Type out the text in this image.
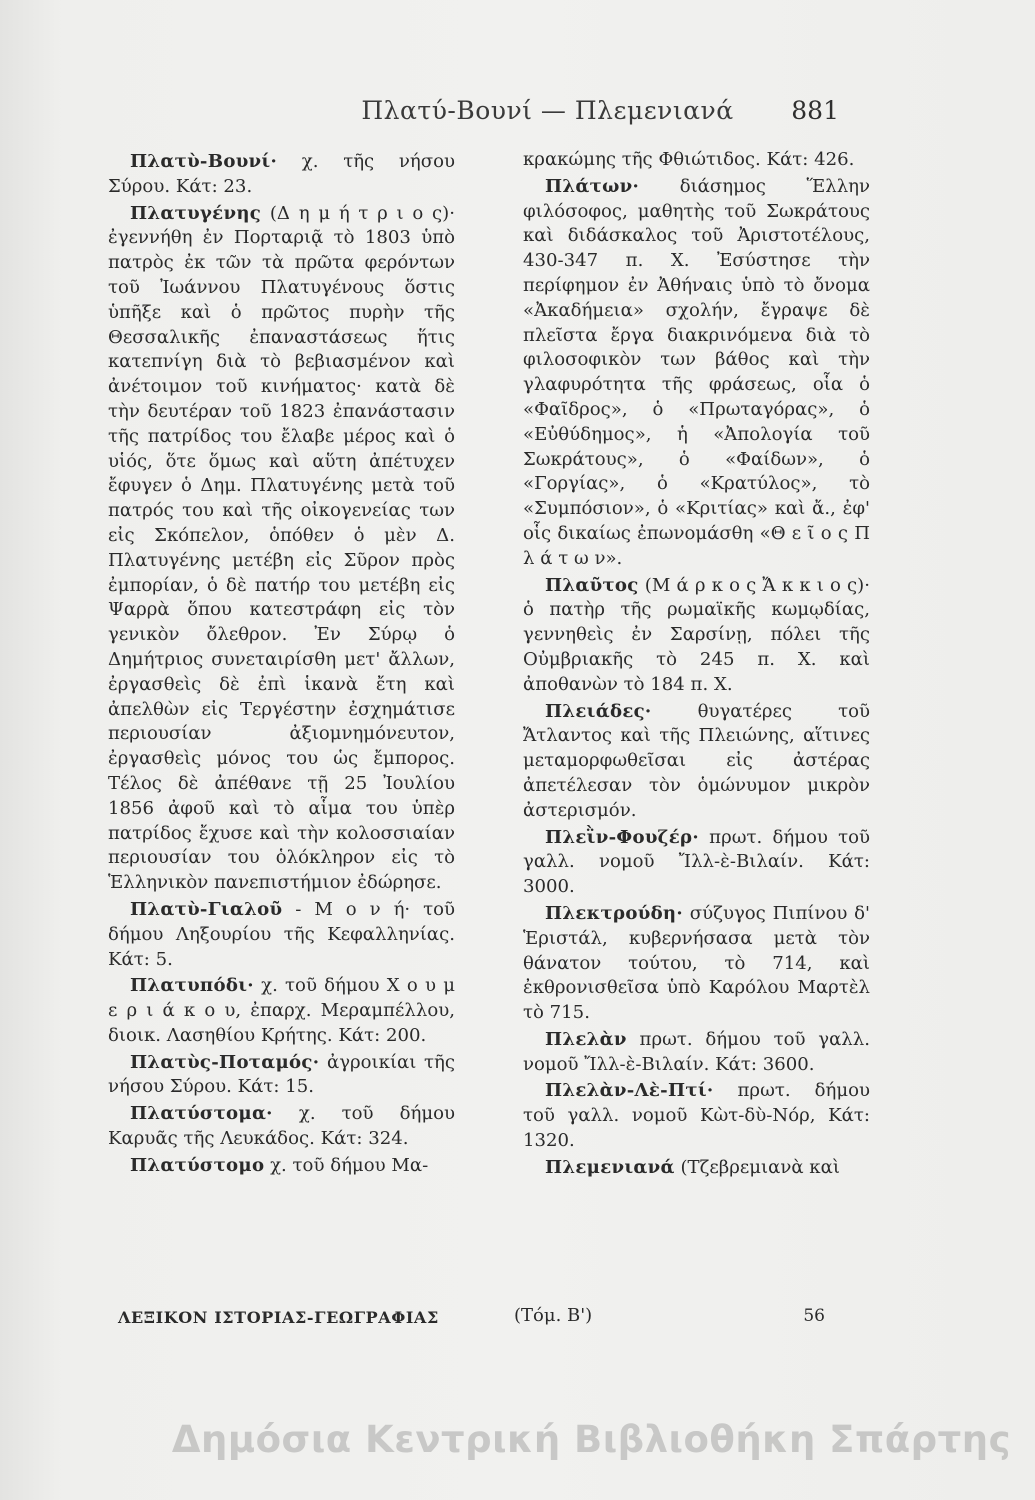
Πλατύ-Βουνί — Πλεμενιανά	881

Πλατὺ-Βουνί· χ. τῆς νήσου Σύρου. Κάτ: 23.

Πλατυγένης (Δ η μ ή τ ρ ι ο ς)· ἐγεννήθη ἐν Πορταριᾷ τὸ 1803 ὑπὸ πατρὸς ἐκ τῶν τὰ πρῶτα φερόντων τοῦ Ἰωάννου Πλατυγένους ὅστις ὑπῆξε καὶ ὁ πρῶτος πυρὴν τῆς Θεσσαλικῆς ἐπαναστάσεως ἥτις κατεπνίγη διὰ τὸ βεβιασμένον καὶ ἀνέτοιμον τοῦ κινήματος· κατὰ δὲ τὴν δευτέραν τοῦ 1823 ἐπανάστασιν τῆς πατρίδος του ἔλαβε μέρος καὶ ὁ υἱός, ὅτε ὅμως καὶ αὕτη ἀπέτυχεν ἔφυγεν ὁ Δημ. Πλατυγένης μετὰ τοῦ πατρός του καὶ τῆς οἰκογενείας των εἰς Σκόπελον, ὁπόθεν ὁ μὲν Δ. Πλατυγένης μετέβη εἰς Σῦρον πρὸς ἐμπορίαν, ὁ δὲ πατήρ του μετέβη εἰς Ψαρρὰ ὅπου κατεστράφη εἰς τὸν γενικὸν ὄλεθρον. Ἐν Σύρῳ ὁ Δημήτριος συνεταιρίσθη μετ' ἄλλων, ἐργασθεὶς δὲ ἐπὶ ἱκανὰ ἔτη καὶ ἀπελθὼν εἰς Τεργέστην ἐσχημάτισε περιουσίαν ἀξιομνημόνευτον, ἐργασθεὶς μόνος του ὡς ἔμπορος. Τέλος δὲ ἀπέθανε τῇ 25 Ἰουλίου 1856 ἀφοῦ καὶ τὸ αἷμα του ὑπὲρ πατρίδος ἔχυσε καὶ τὴν κολοσσιαίαν περιουσίαν του ὁλόκληρον εἰς τὸ Ἑλληνικὸν πανεπιστήμιον ἐδώρησε.

Πλατὺ-Γιαλοῦ - Μ ο ν ή· τοῦ δήμου Ληξουρίου τῆς Κεφαλληνίας. Κάτ: 5.

Πλατυπόδι· χ. τοῦ δήμου Χ ο υ μ ε ρ ι ά κ ο υ, ἐπαρχ. Μεραμπέλλου, διοικ. Λασηθίου Κρήτης. Κάτ: 200.

Πλατὺς-Ποταμός· ἀγροικίαι τῆς νήσου Σύρου. Κάτ: 15.

Πλατύστομα· χ. τοῦ δήμου Καρυᾶς τῆς Λευκάδος. Κάτ: 324.

Πλατύστομο χ. τοῦ δήμου Μα-

κρακώμης τῆς Φθιώτιδος. Κάτ: 426.

Πλάτων· διάσημος Ἕλλην φιλόσοφος, μαθητὴς τοῦ Σωκράτους καὶ διδάσκαλος τοῦ Ἀριστοτέλους, 430-347 π. Χ. Ἐσύστησε τὴν περίφημον ἐν Ἀθήναις ὑπὸ τὸ ὄνομα «Ἀκαδήμεια» σχολήν, ἔγραψε δὲ πλεῖστα ἔργα διακρινόμενα διὰ τὸ φιλοσοφικὸν των βάθος καὶ τὴν γλαφυρότητα τῆς φράσεως, οἷα ὁ «Φαῖδρος», ὁ «Πρωταγόρας», ὁ «Εὐθύδημος», ἡ «Ἀπολογία τοῦ Σωκράτους», ὁ «Φαίδων», ὁ «Γοργίας», ὁ «Κρατύλος», τὸ «Συμπόσιον», ὁ «Κριτίας» καὶ ἄ., ἐφ' οἷς δικαίως ἐπωνομάσθη «Θ ε ῖ ο ς Π λ ά τ ω ν».

Πλαῦτος (Μ ά ρ κ ο ς Ἄ κ κ ι ο ς)· ὁ πατὴρ τῆς ρωμαϊκῆς κωμῳδίας, γεννηθεὶς ἐν Σαρσίνῃ, πόλει τῆς Οὐμβριακῆς τὸ 245 π. Χ. καὶ ἀποθανὼν τὸ 184 π. Χ.

Πλειάδες· θυγατέρες τοῦ Ἄτλαντος καὶ τῆς Πλειώνης, αἵτινες μεταμορφωθεῖσαι εἰς ἀστέρας ἀπετέλεσαν τὸν ὁμώνυμον μικρὸν ἀστερισμόν.

Πλεῒν-Φουζέρ· πρωτ. δήμου τοῦ γαλλ. νομοῦ Ἴλλ-ὲ-Βιλαίν. Κάτ: 3000.

Πλεκτρούδη· σύζυγος Πιπίνου δ' Ἑριστάλ, κυβερνήσασα μετὰ τὸν θάνατον τούτου, τὸ 714, καὶ ἐκθρονισθεῖσα ὑπὸ Καρόλου Μαρτὲλ τὸ 715.

Πλελὰν πρωτ. δήμου τοῦ γαλλ. νομοῦ Ἴλλ-ὲ-Βιλαίν. Κάτ: 3600.

Πλελὰν-Λὲ-Πτί· πρωτ. δήμου τοῦ γαλλ. νομοῦ Κὼτ-δὺ-Νόρ, Κάτ: 1320.

Πλεμενιανά (Τζεβρεμιανὰ καὶ

ΛΕΞΙΚΟΝ ΙΣΤΟΡΙΑΣ-ΓΕΩΓΡΑΦΙΑΣ	(Τόμ. Β')	56
Δημόσια Κεντρική Βιβλιοθήκη Σπάρτης
